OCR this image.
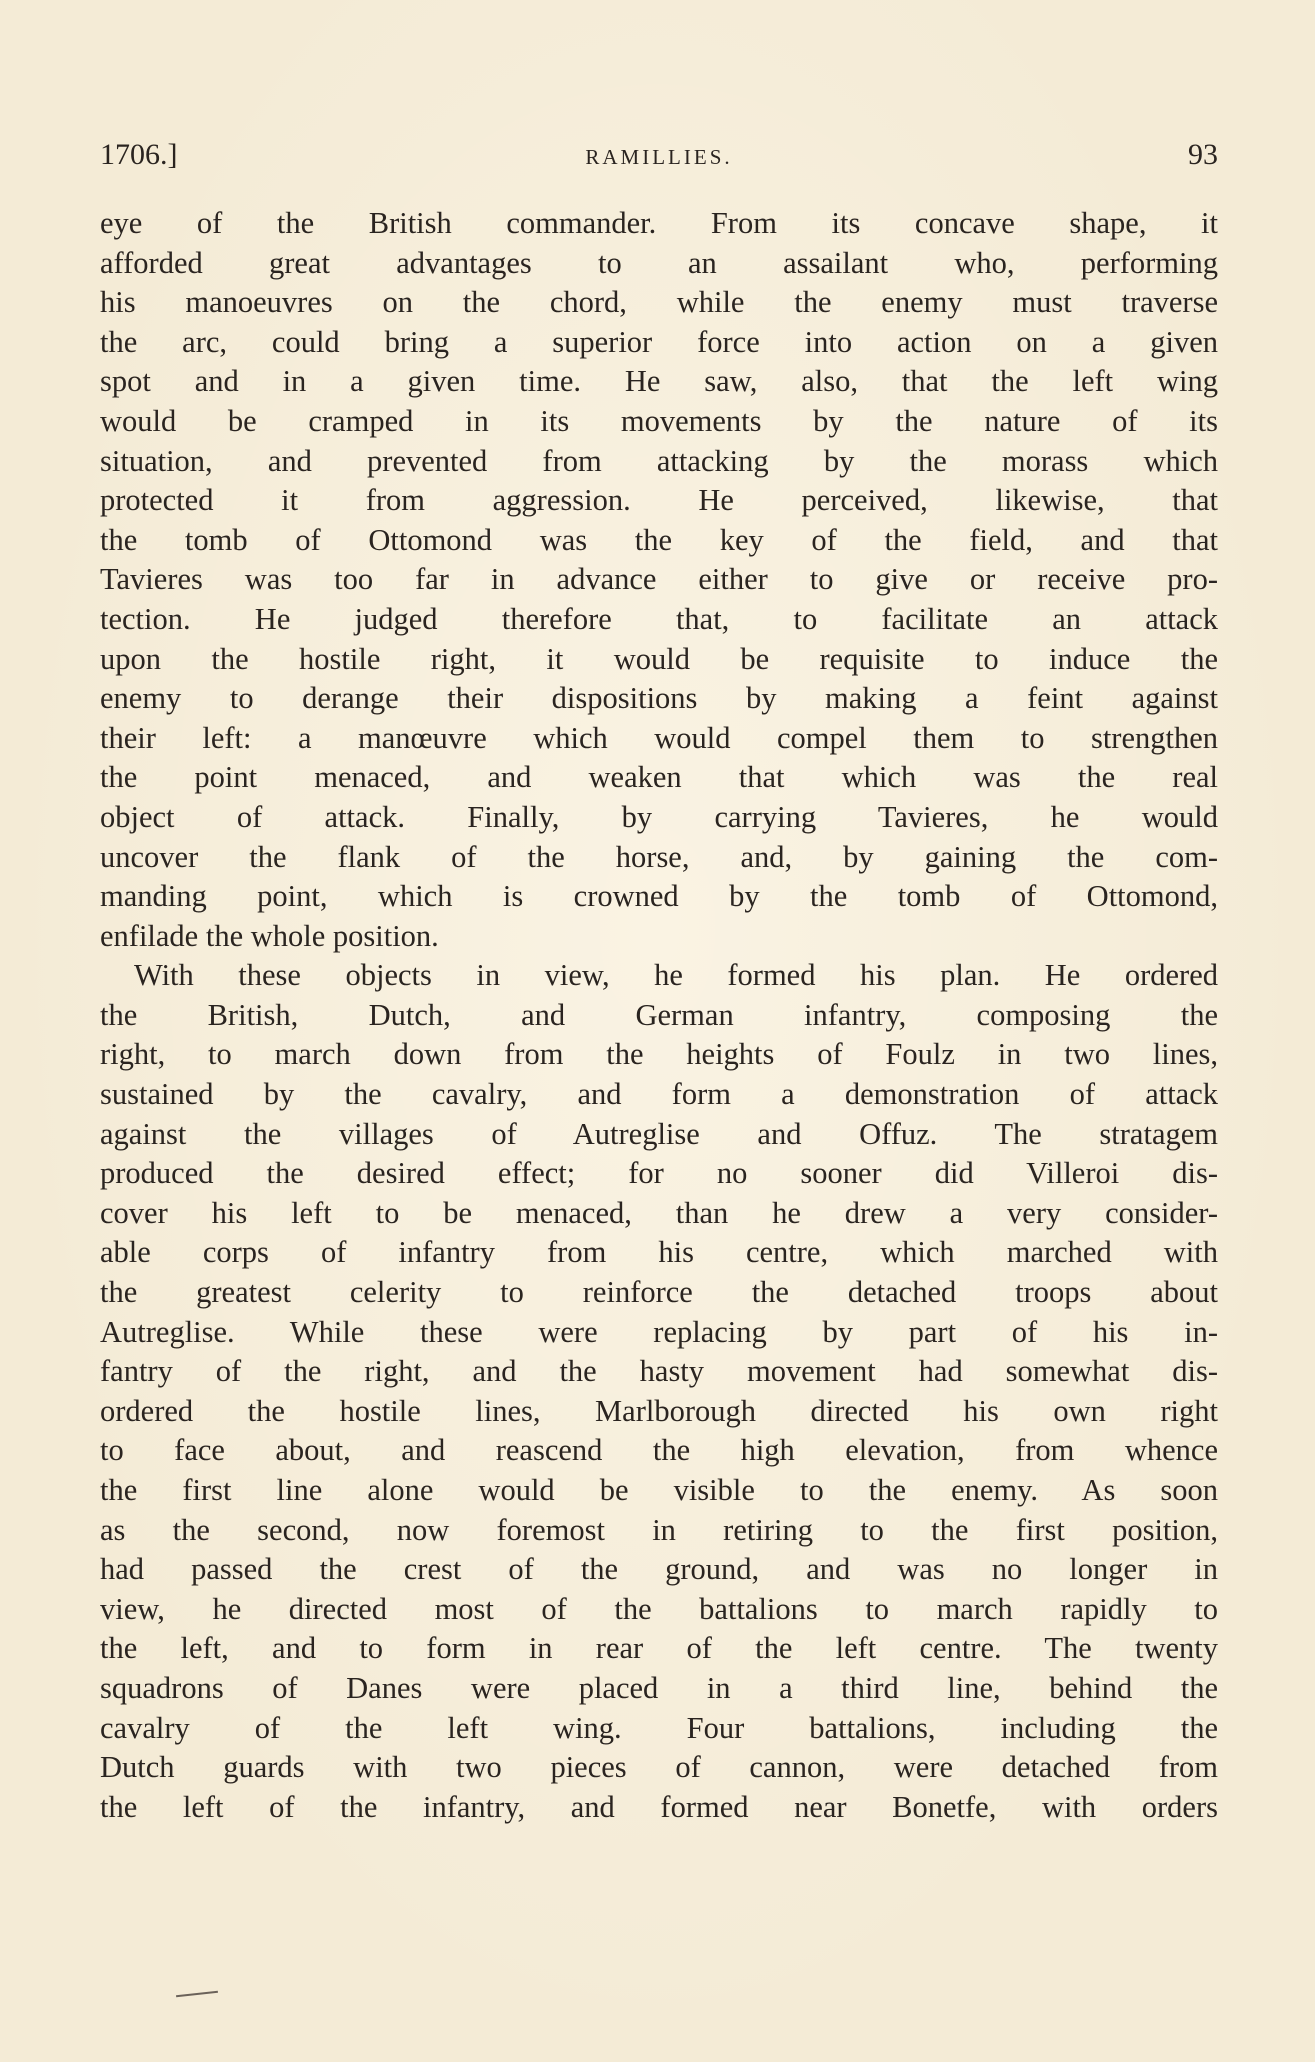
1706.]	RAMILLIES.	93
eye of the British commander. From its concave shape, it
afforded great advantages to an assailant who, performing
his manoeuvres on the chord, while the enemy must traverse
the arc, could bring a superior force into action on a given
spot and in a given time. He saw, also, that the left wing
would be cramped in its movements by the nature of its
situation, and prevented from attacking by the morass which
protected it from aggression. He perceived, likewise, that
the tomb of Ottomond was the key of the field, and that
Tavieres was too far in advance either to give or receive pro-
tection. He judged therefore that, to facilitate an attack
upon the hostile right, it would be requisite to induce the
enemy to derange their dispositions by making a feint against
their left: a manœuvre which would compel them to strengthen
the point menaced, and weaken that which was the real
object of attack. Finally, by carrying Tavieres, he would
uncover the flank of the horse, and, by gaining the com-
manding point, which is crowned by the tomb of Ottomond,
enfilade the whole position.
With these objects in view, he formed his plan. He ordered
the British, Dutch, and German infantry, composing the
right, to march down from the heights of Foulz in two lines,
sustained by the cavalry, and form a demonstration of attack
against the villages of Autreglise and Offuz. The stratagem
produced the desired effect; for no sooner did Villeroi dis-
cover his left to be menaced, than he drew a very consider-
able corps of infantry from his centre, which marched with
the greatest celerity to reinforce the detached troops about
Autreglise. While these were replacing by part of his in-
fantry of the right, and the hasty movement had somewhat dis-
ordered the hostile lines, Marlborough directed his own right
to face about, and reascend the high elevation, from whence
the first line alone would be visible to the enemy. As soon
as the second, now foremost in retiring to the first position,
had passed the crest of the ground, and was no longer in
view, he directed most of the battalions to march rapidly to
the left, and to form in rear of the left centre. The twenty
squadrons of Danes were placed in a third line, behind the
cavalry of the left wing. Four battalions, including the
Dutch guards with two pieces of cannon, were detached from
the left of the infantry, and formed near Bonetfe, with orders
